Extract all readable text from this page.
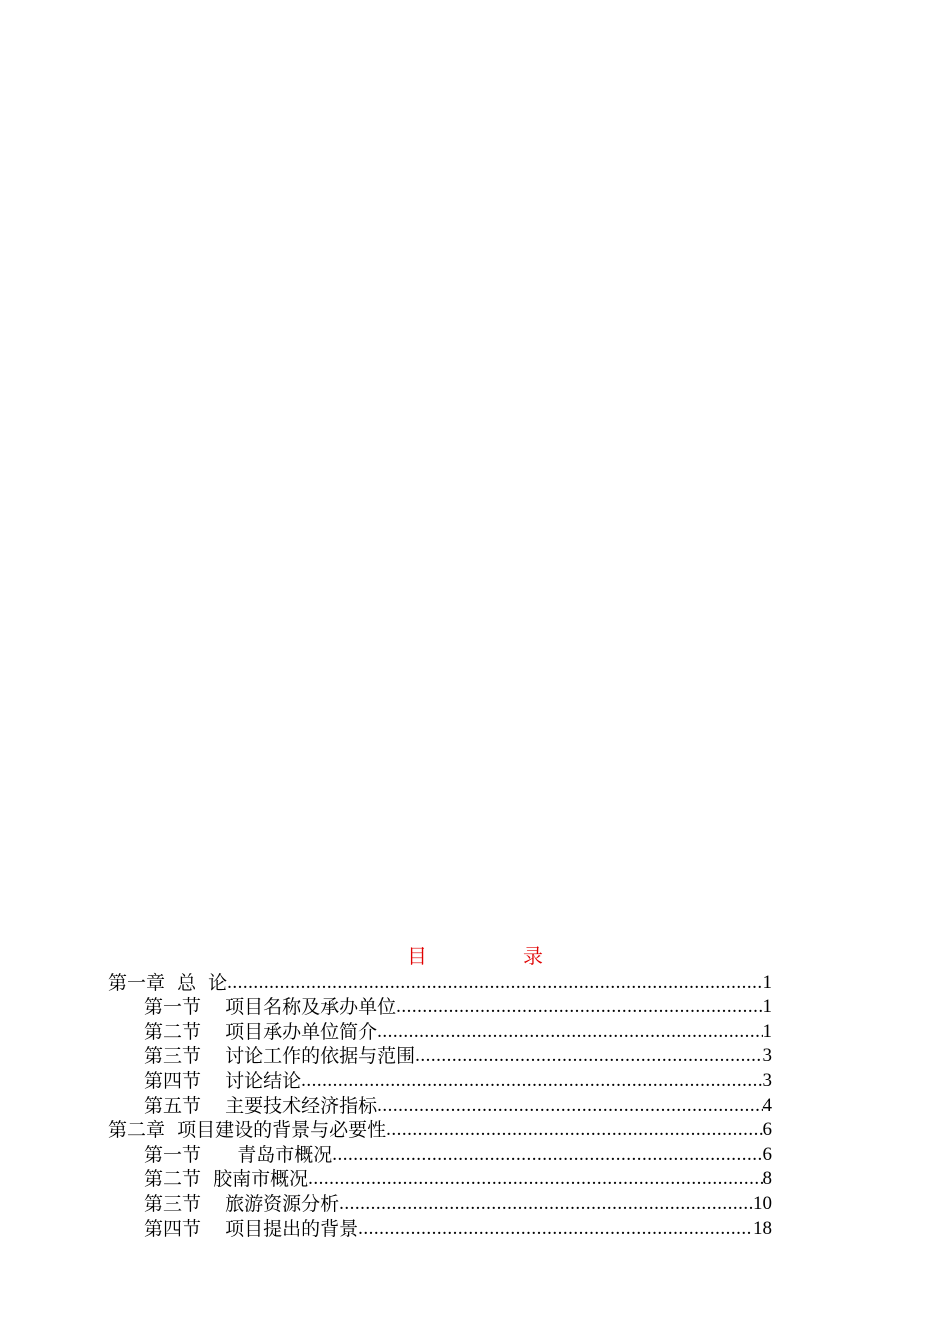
目　录
第一章  总  论 .....	1
第一节    项目名称及承办单位 .....	1
第二节    项目承办单位简介 .....	1
第三节    讨论工作的依据与范围 .....	3
第四节    讨论结论 .....	3
第五节    主要技术经济指标 .....	4
第二章  项目建设的背景与必要性 .....	6
第一节      青岛市概况 .....	6
第二节  胶南市概况 .....	8
第三节    旅游资源分析 .....	10
第四节    项目提出的背景 .....	18
